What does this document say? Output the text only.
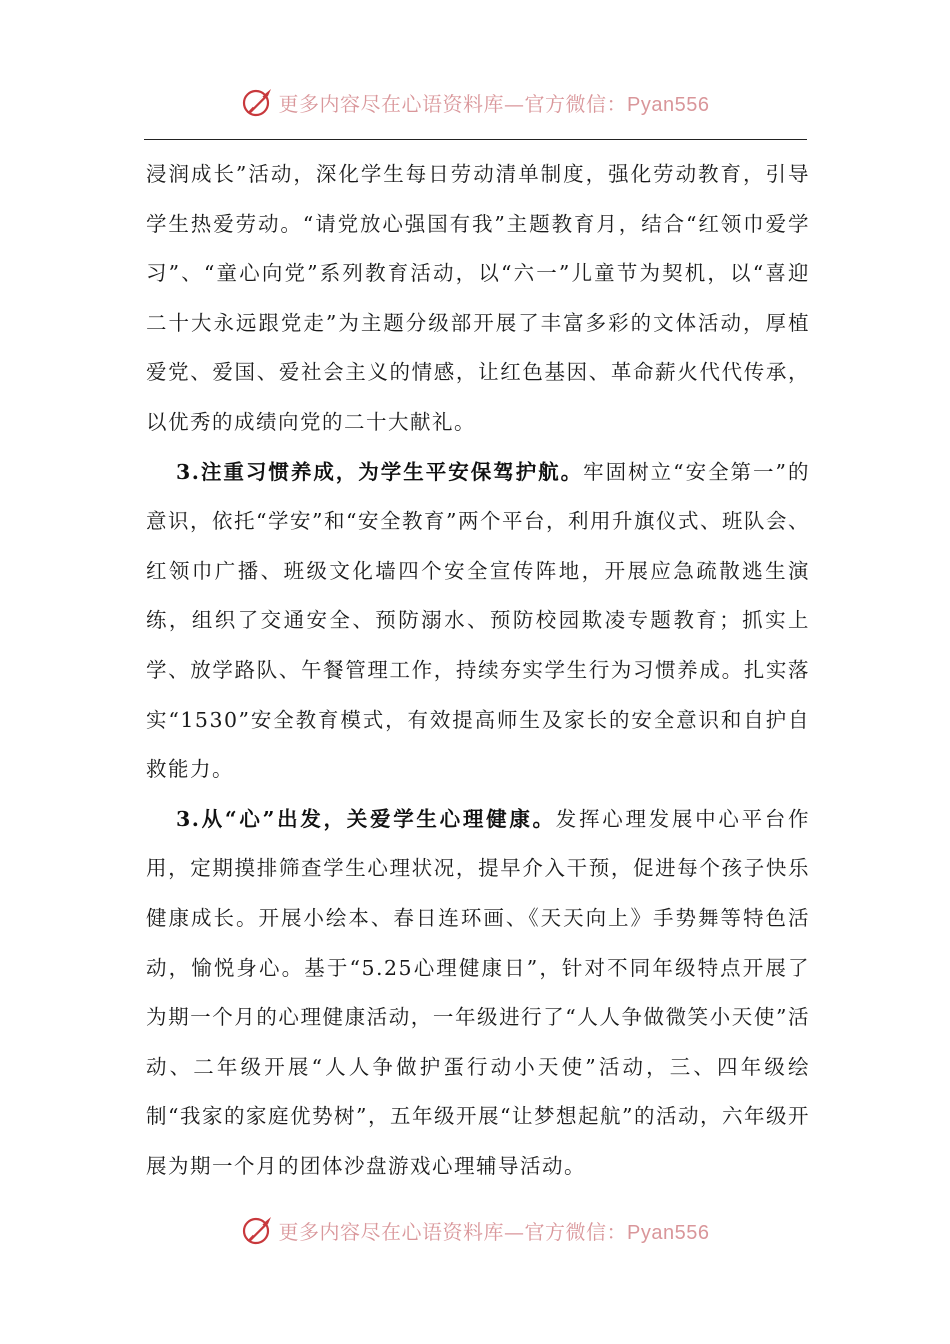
更多内容尽在心语资料库—官方微信：Pyan556

浸润成长”活动，深化学生每日劳动清单制度，强化劳动教育，引导学生热爱劳动。“请党放心强国有我”主题教育月，结合“红领巾爱学习”、“童心向党”系列教育活动，以“六一”儿童节为契机，以“喜迎二十大永远跟党走”为主题分级部开展了丰富多彩的文体活动，厚植爱党、爱国、爱社会主义的情感，让红色基因、革命薪火代代传承，以优秀的成绩向党的二十大献礼。

3.注重习惯养成，为学生平安保驾护航。牢固树立“安全第一”的意识，依托“学安”和“安全教育”两个平台，利用升旗仪式、班队会、红领巾广播、班级文化墙四个安全宣传阵地，开展应急疏散逃生演练，组织了交通安全、预防溺水、预防校园欺凌专题教育；抓实上学、放学路队、午餐管理工作，持续夯实学生行为习惯养成。扎实落实“1530”安全教育模式，有效提高师生及家长的安全意识和自护自救能力。

3.从“心”出发，关爱学生心理健康。发挥心理发展中心平台作用，定期摸排筛查学生心理状况，提早介入干预，促进每个孩子快乐健康成长。开展小绘本、春日连环画、《天天向上》手势舞等特色活动，愉悦身心。基于“5.25心理健康日”，针对不同年级特点开展了为期一个月的心理健康活动，一年级进行了“人人争做微笑小天使”活动、二年级开展“人人争做护蛋行动小天使”活动，三、四年级绘制“我家的家庭优势树”，五年级开展“让梦想起航”的活动，六年级开展为期一个月的团体沙盘游戏心理辅导活动。

更多内容尽在心语资料库—官方微信：Pyan556
